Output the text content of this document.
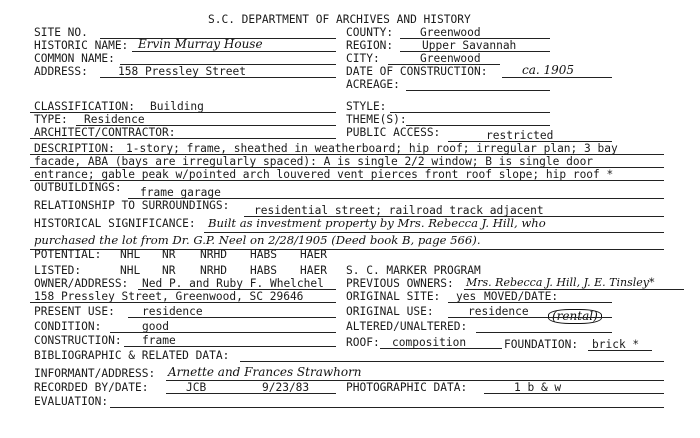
S.C. DEPARTMENT OF ARCHIVES AND HISTORY
SITE NO.	COUNTY: Greenwood
HISTORIC NAME: Ervin Murray House	REGION:	Upper Savannah
COMMON NAME:	CITY:	Greenwood
ADDRESS:	158 Pressley Street	DATE OF CONSTRUCTION:	ca. 1905
ACREAGE:
CLASSIFICATION: Building	STYLE:
TYPE: Residence	THEME(S):
ARCHITECT/CONTRACTOR:	PUBLIC ACCESS:	restricted
DESCRIPTION: 1-story; frame, sheathed in weatherboard; hip roof; irregular plan; 3 bay
facade, ABA (bays are irregularly spaced): A is single 2/2 window; B is single door
entrance; gable peak w/pointed arch louvered vent pierces front roof slope; hip roof *
OUTBUILDINGS: frame garage
RELATIONSHIP TO SURROUNDINGS: residential street; railroad track adjacent
HISTORICAL SIGNIFICANCE: Built as investment property by Mrs. Rebecca J. Hill, who
purchased the lot from Dr. G.P. Neel on 2/28/1905 (Deed book B, page 566).
POTENTIAL: NHL NR NRHD HABS HAER
LISTED:	NHL NR NRHD HABS HAER S. C. MARKER PROGRAM
OWNER/ADDRESS: Ned P. and Ruby F. Whelchel PREVIOUS OWNERS: Mrs. Rebecca J. Hill, J. E. Tinsley*
158 Pressley Street, Greenwood, SC 29646	ORIGINAL SITE: yes MOVED/DATE:
PRESENT USE: residence	ORIGINAL USE:	residence	(rental)
CONDITION:	good	ALTERED/UNALTERED:
CONSTRUCTION: frame	ROOF: composition	FOUNDATION: brick *
BIBLIOGRAPHIC & RELATED DATA:
INFORMANT/ADDRESS: Arnette and Frances Strawhorn
RECORDED BY/DATE:	JCB	9/23/83	PHOTOGRAPHIC DATA:	1 b & w
EVALUATION:
